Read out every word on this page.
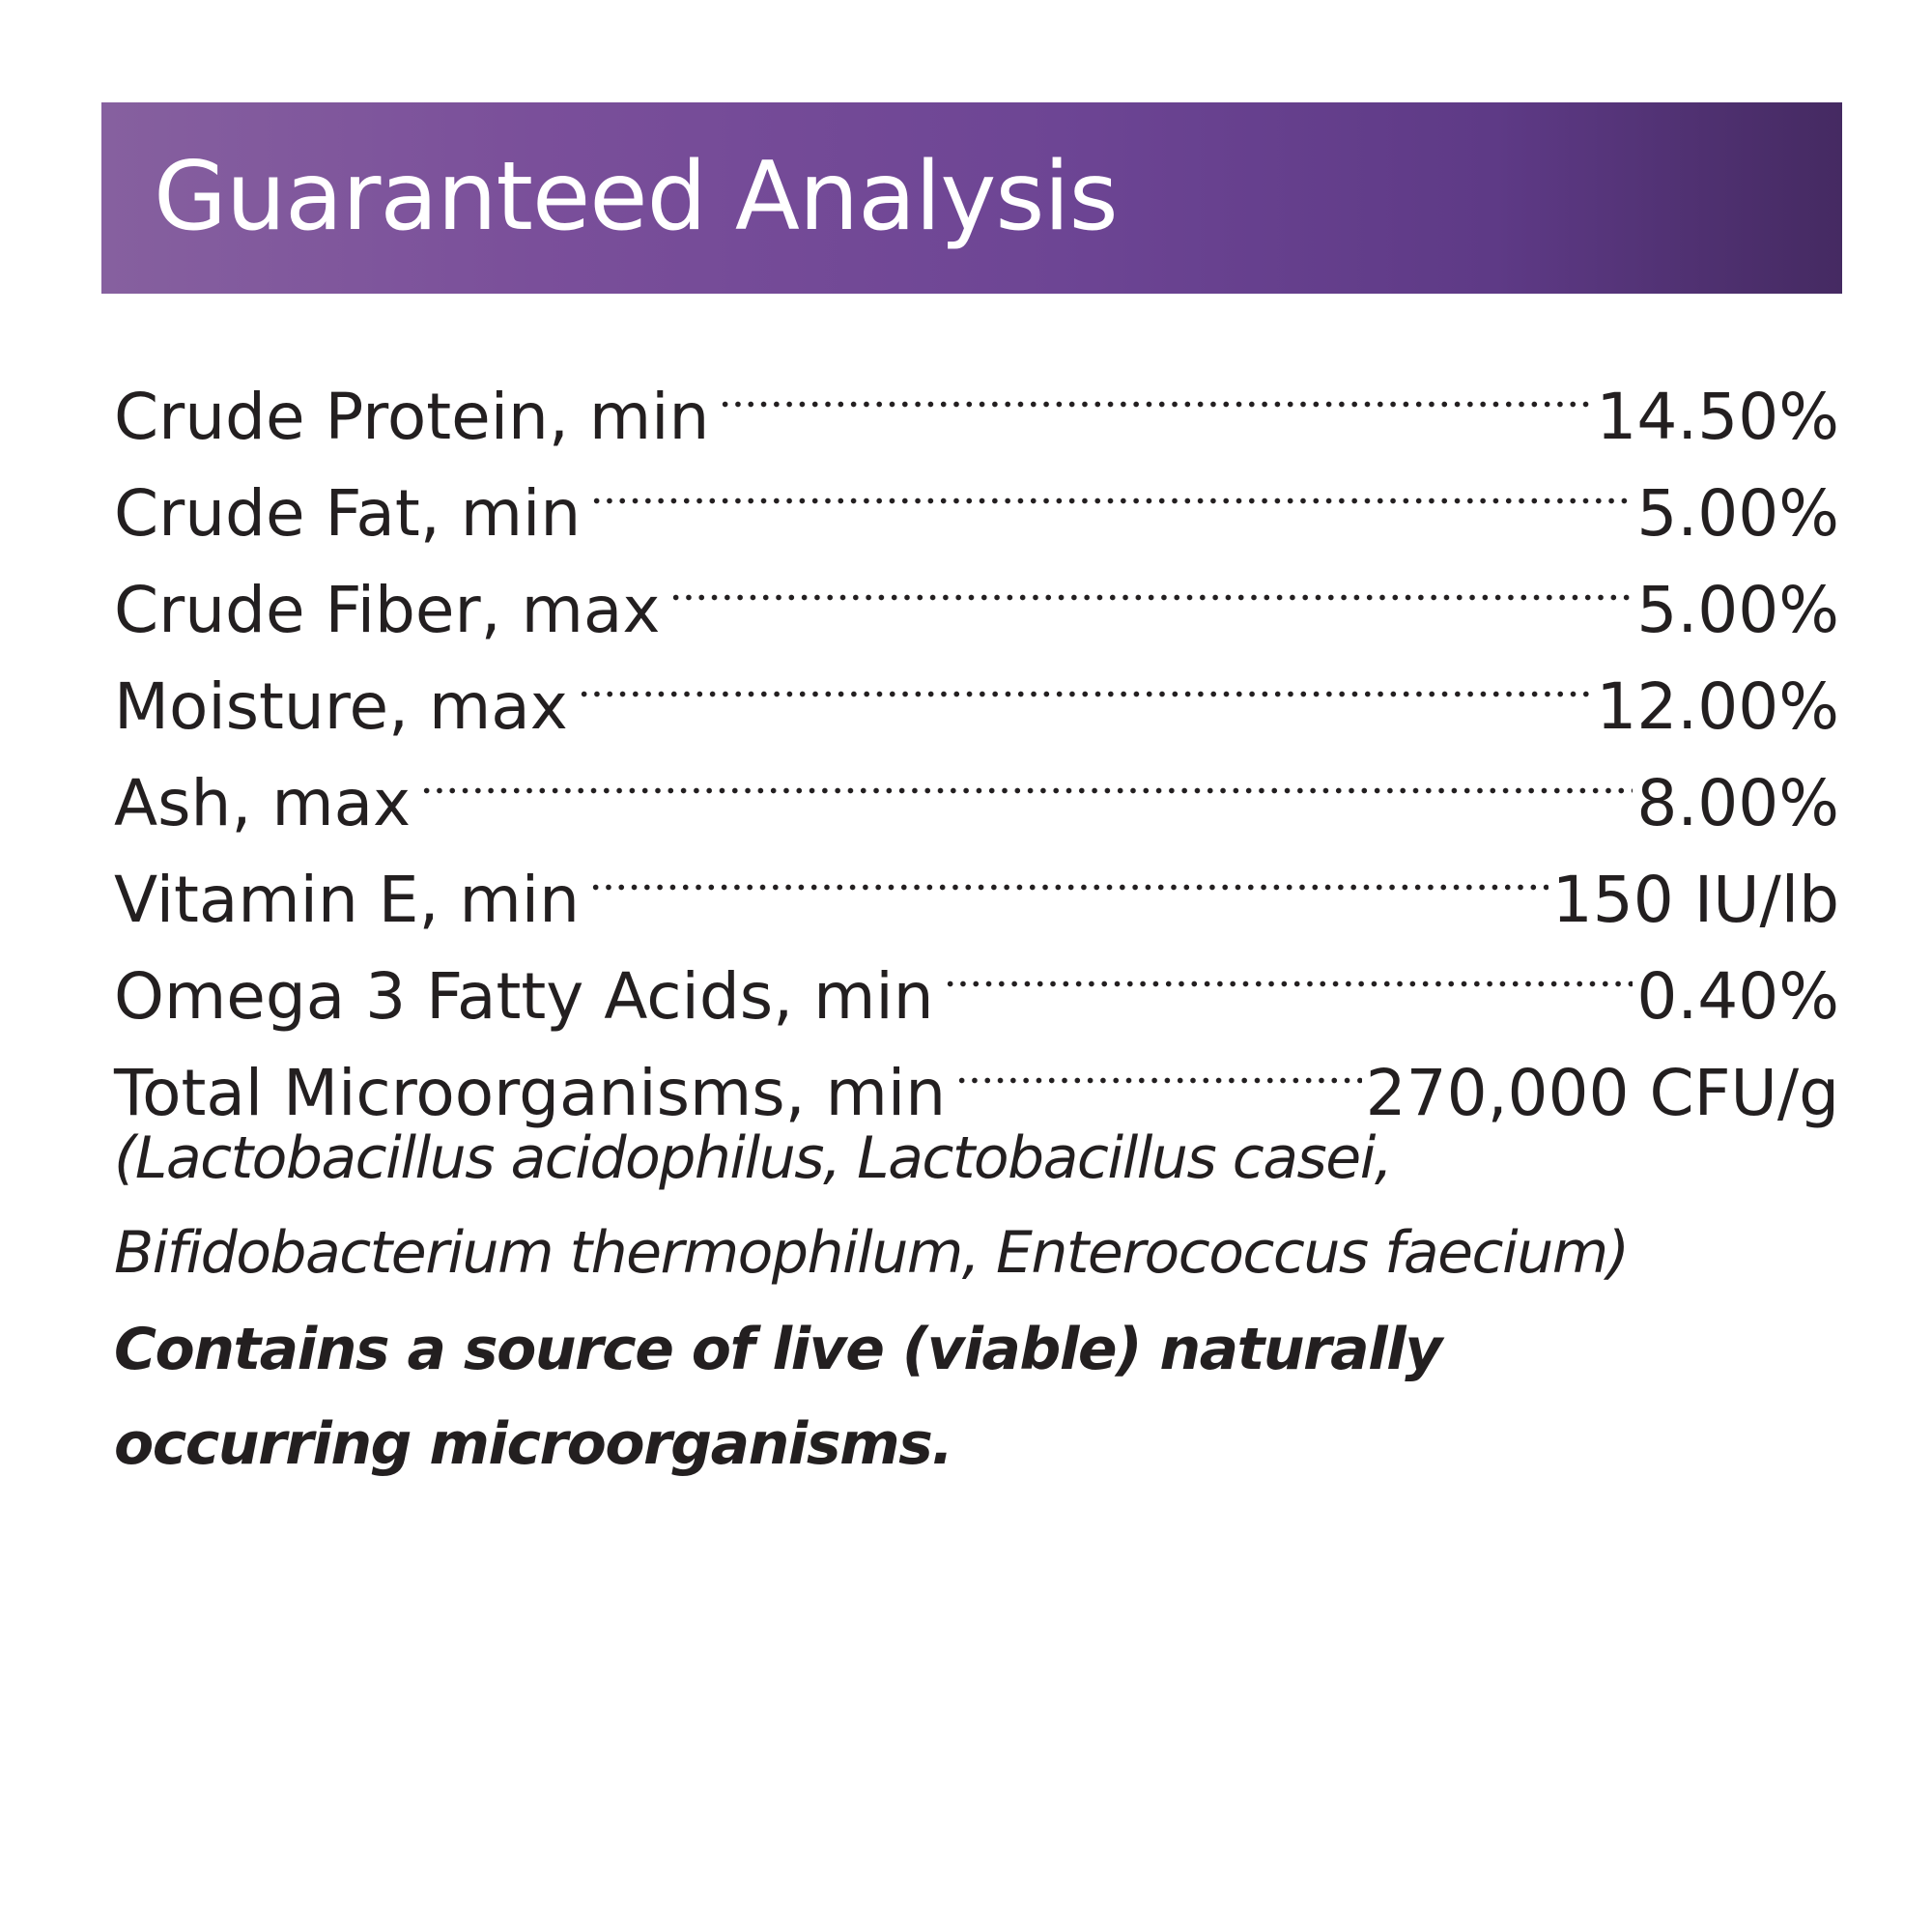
Guaranteed Analysis
Crude Protein, min	14.50%
Crude Fat, min	5.00%
Crude Fiber, max	5.00%
Moisture, max	12.00%
Ash, max	8.00%
Vitamin E, min	150 IU/lb
Omega 3 Fatty Acids, min	0.40%
Total Microorganisms, min	270,000 CFU/g
(Lactobacillus acidophilus, Lactobacillus casei, Bifidobacterium thermophilum, Enterococcus faecium)
Contains a source of live (viable) naturally occurring microorganisms.
